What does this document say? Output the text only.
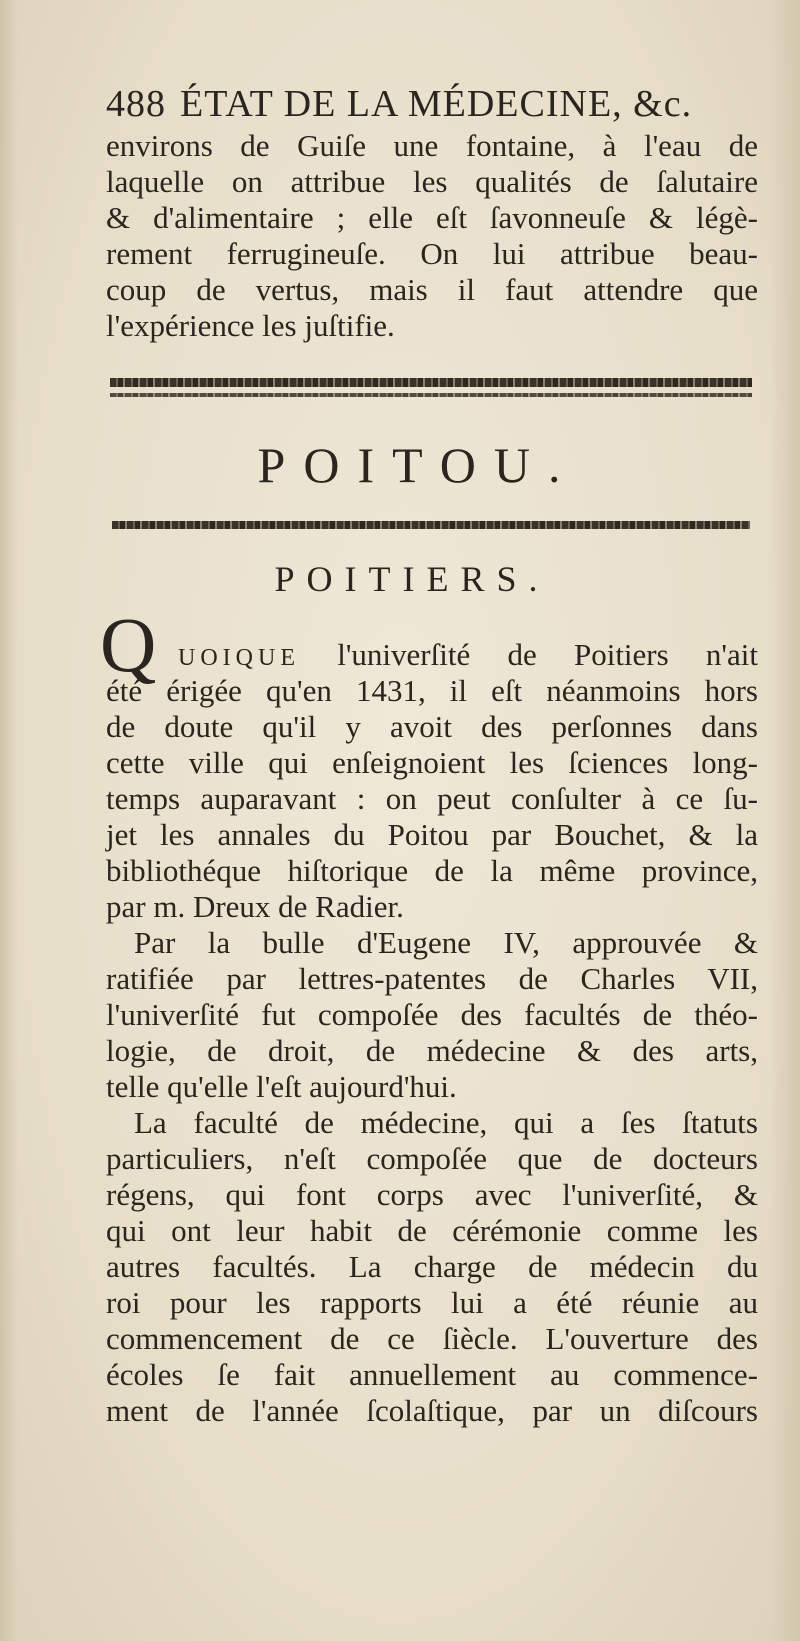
488 ÉTAT DE LA MÉDECINE, &c.
environs de Guiſe une fontaine, à l'eau de
laquelle on attribue les qualités de ſalutaire
& d'alimentaire ; elle eſt ſavonneuſe & légè-
rement ferrugineuſe. On lui attribue beau-
coup de vertus, mais il faut attendre que
l'expérience les juſtifie.
POITOU.
POITIERS.
Q UOIQUE l'univerſité de Poitiers n'ait
été érigée qu'en 1431, il eſt néanmoins hors
de doute qu'il y avoit des perſonnes dans
cette ville qui enſeignoient les ſciences long-
temps auparavant : on peut conſulter à ce ſu-
jet les annales du Poitou par Bouchet, & la
bibliothéque hiſtorique de la même province,
par m. Dreux de Radier.
Par la bulle d'Eugene IV, approuvée &
ratifiée par lettres-patentes de Charles VII,
l'univerſité fut compoſée des facultés de théo-
logie, de droit, de médecine & des arts,
telle qu'elle l'eſt aujourd'hui.
La faculté de médecine, qui a ſes ſtatuts
particuliers, n'eſt compoſée que de docteurs
régens, qui font corps avec l'univerſité, &
qui ont leur habit de cérémonie comme les
autres facultés. La charge de médecin du
roi pour les rapports lui a été réunie au
commencement de ce ſiècle. L'ouverture des
écoles ſe fait annuellement au commence-
ment de l'année ſcolaſtique, par un diſcours
